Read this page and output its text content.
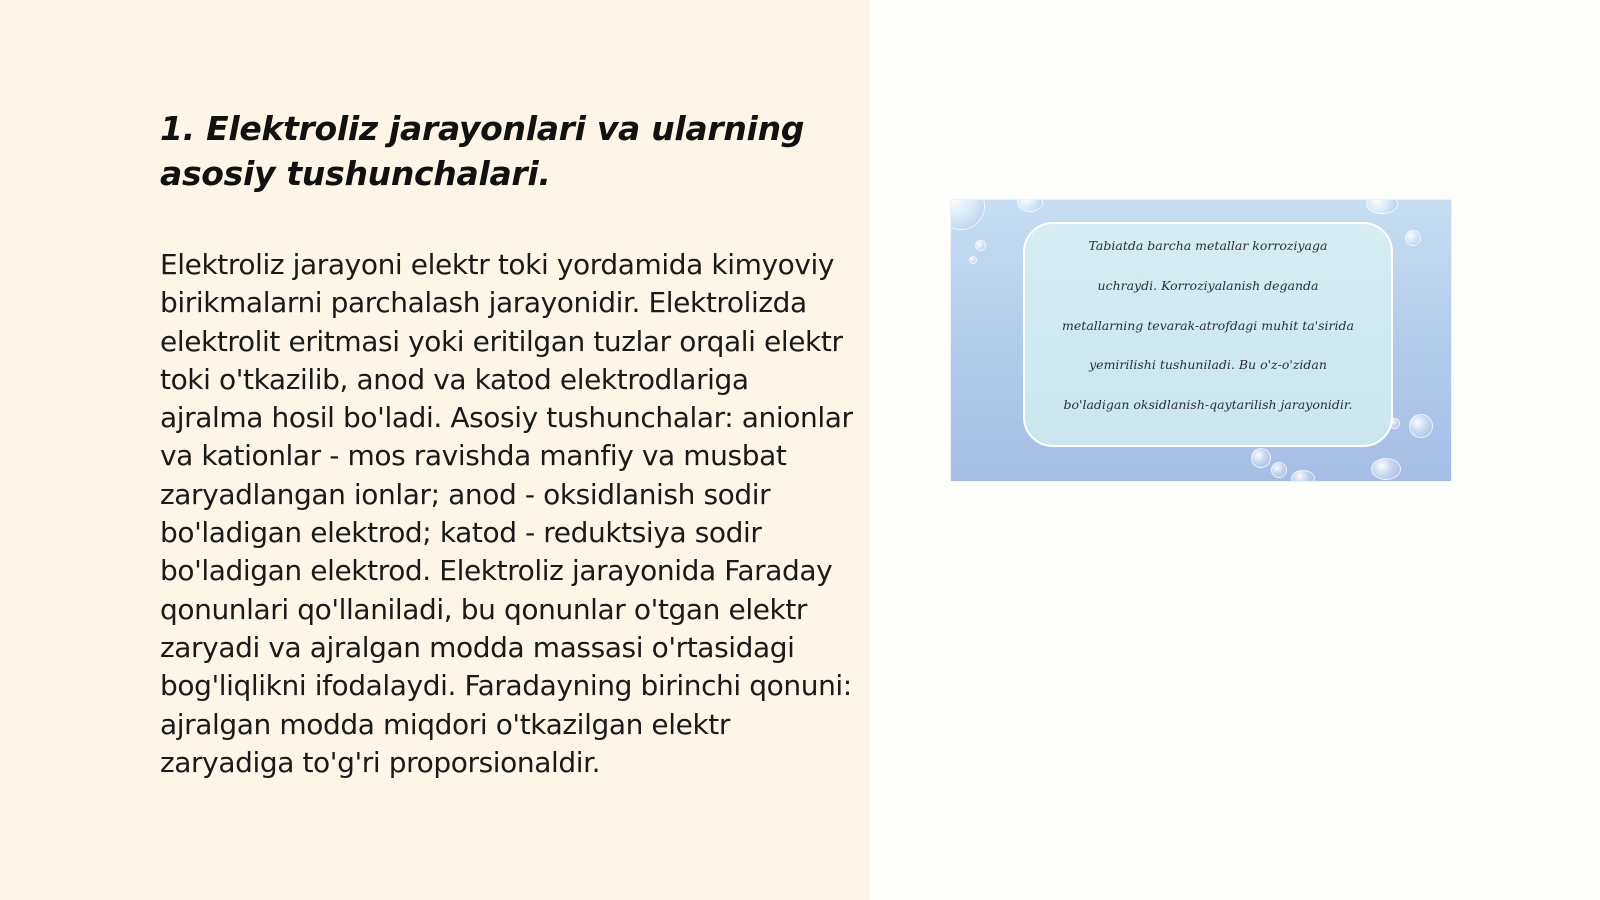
1. Elektroliz jarayonlari va ularning asosiy tushunchalari.

Elektroliz jarayoni elektr toki yordamida kimyoviy birikmalarni parchalash jarayonidir. Elektrolizda elektrolit eritmasi yoki eritilgan tuzlar orqali elektr toki o'tkazilib, anod va katod elektrodlariga ajralma hosil bo'ladi. Asosiy tushunchalar: anionlar va kationlar - mos ravishda manfiy va musbat zaryadlangan ionlar; anod - oksidlanish sodir bo'ladigan elektrod; katod - reduktsiya sodir bo'ladigan elektrod. Elektroliz jarayonida Faraday qonunlari qo'llaniladi, bu qonunlar o'tgan elektr zaryadi va ajralgan modda massasi o'rtasidagi bog'liqlikni ifodalaydi. Faradayning birinchi qonuni: ajralgan modda miqdori o'tkazilgan elektr zaryadiga to'g'ri proporsionaldir.

Tabiatda barcha metallar korroziyaga
uchraydi. Korroziyalanish deganda
metallarning tevarak-atrofdagi muhit ta'sirida
yemirilishi tushuniladi. Bu o'z-o'zidan
bo'ladigan oksidlanish-qaytarilish jarayonidir.
